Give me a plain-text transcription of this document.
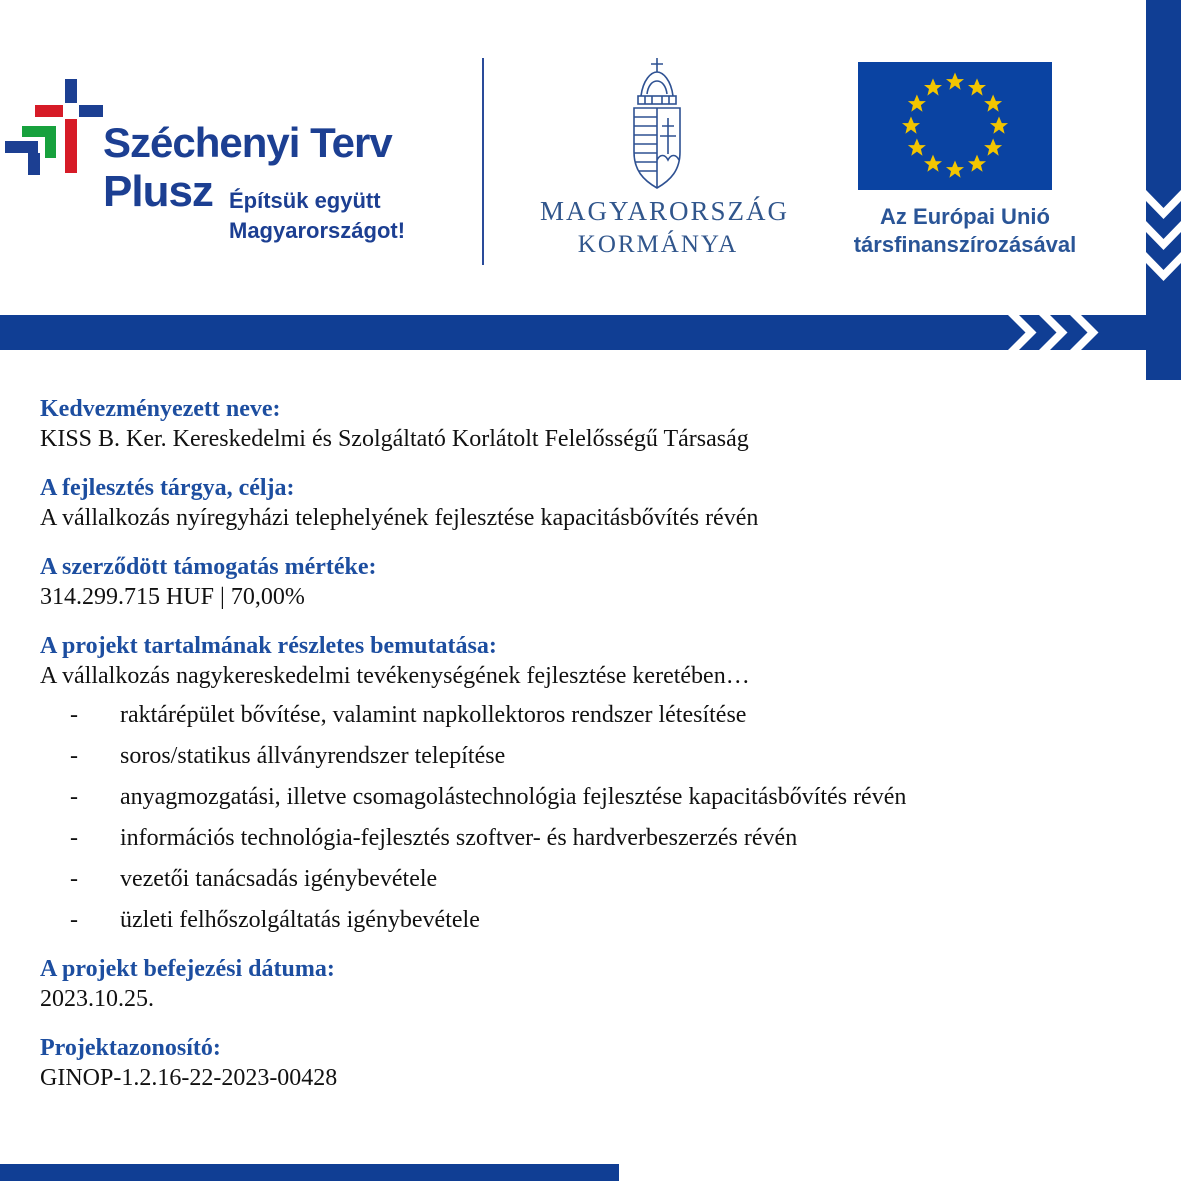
Széchenyi Terv
Plusz Építsük együtt
Magyarországot!
MAGYARORSZÁG
KORMÁNYA
Az Európai Unió
társfinanszírozásával
Kedvezményezett neve:

KISS B. Ker. Kereskedelmi és Szolgáltató Korlátolt Felelősségű Társaság

A fejlesztés tárgya, célja:

A vállalkozás nyíregyházi telephelyének fejlesztése kapacitásbővítés révén

A szerződött támogatás mértéke:

314.299.715 HUF | 70,00%

A projekt tartalmának részletes bemutatása:

A vállalkozás nagykereskedelmi tevékenységének fejlesztése keretében…

- raktárépület bővítése, valamint napkollektoros rendszer létesítése
- soros/statikus állványrendszer telepítése
- anyagmozgatási, illetve csomagolástechnológia fejlesztése kapacitásbővítés révén
- információs technológia-fejlesztés szoftver- és hardverbeszerzés révén
- vezetői tanácsadás igénybevétele
- üzleti felhőszolgáltatás igénybevétele
A projekt befejezési dátuma:

2023.10.25.

Projektazonosító:

GINOP-1.2.16-22-2023-00428
